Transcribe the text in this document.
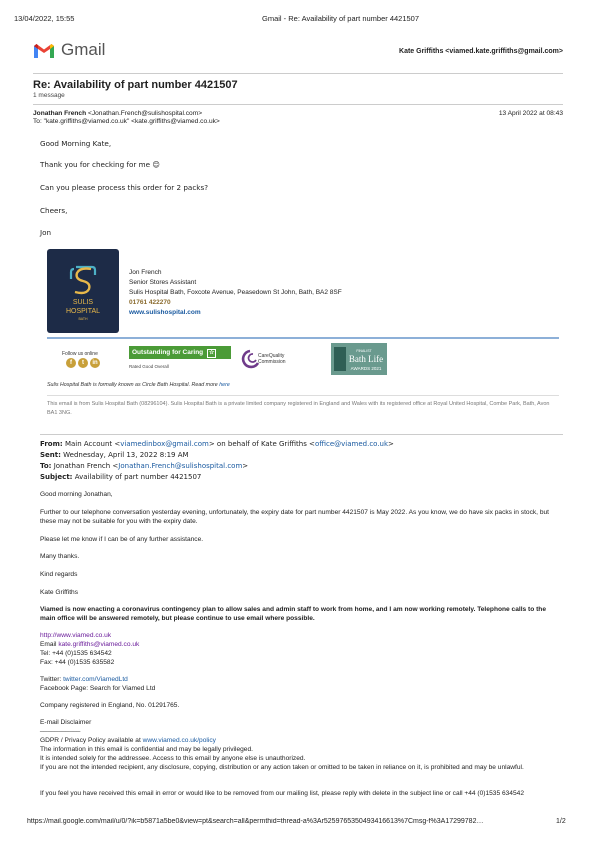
13/04/2022, 15:55	Gmail - Re: Availability of part number 4421507
Gmail	Kate Griffiths <viamed.kate.griffiths@gmail.com>
Re: Availability of part number 4421507
1 message
Jonathan French <Jonathan.French@sulishospital.com>
To: "kate.griffiths@viamed.co.uk" <kate.griffiths@viamed.co.uk>
13 April 2022 at 08:43
Good Morning Kate,
Thank you for checking for me 😊
Can you please process this order for 2 packs?
Cheers,
Jon
SULIS
HOSPITAL
BATH
Jon French
Senior Stores Assistant
Sulis Hospital Bath, Foxcote Avenue, Peasedown St John, Bath, BA2 8SF
01761 422270
www.sulishospital.com
Follow us online
f	t	in
Outstanding for Caring ☆
Rated Good Overall
CareQuality
Commission
FINALIST
Bath Life
AWARDS 2021
Sulis Hospital Bath is formally known as Circle Bath Hospital. Read more here
This email is from Sulis Hospital Bath (08296104). Sulis Hospital Bath is a private limited company registered in England and Wales with its registered office at Royal United Hospital, Combe Park, Bath, Avon BA1 3NG.
From: Main Account <viamedinbox@gmail.com> on behalf of Kate Griffiths <office@viamed.co.uk>
Sent: Wednesday, April 13, 2022 8:19 AM
To: Jonathan French <Jonathan.French@sulishospital.com>
Subject: Availability of part number 4421507
Good morning Jonathan,
Further to our telephone conversation yesterday evening, unfortunately, the expiry date for part number 4421507 is May 2022. As you know, we do have six packs in stock, but these may not be suitable for you with the expiry date.
Please let me know if I can be of any further assistance.
Many thanks.
Kind regards
Kate Griffiths
Viamed is now enacting a coronavirus contingency plan to allow sales and admin staff to work from home, and I am now working remotely. Telephone calls to the main office will be answered remotely, but please continue to use email where possible.
http://www.viamed.co.uk
Email kate.griffiths@viamed.co.uk
Tel: +44 (0)1535 634542
Fax: +44 (0)1535 635582
Twitter: twitter.com/ViamedLtd
Facebook Page: Search for Viamed Ltd
Company registered in England, No. 01291765.
E-mail Disclaimer
___________
GDPR / Privacy Policy available at www.viamed.co.uk/policy
The information in this email is confidential and may be legally privileged.
It is intended solely for the addressee. Access to this email by anyone else is unauthorized.
If you are not the intended recipient, any disclosure, copying, distribution or any action taken or omitted to be taken in reliance on it, is prohibited and may be unlawful.
If you feel you have received this email in error or would like to be removed from our mailing list, please reply with delete in the subject line or call +44 (0)1535 634542
https://mail.google.com/mail/u/0/?ik=b5871a5be0&view=pt&search=all&permthid=thread-a%3Ar5259765350493416613%7Cmsg-f%3A17299782…	1/2
